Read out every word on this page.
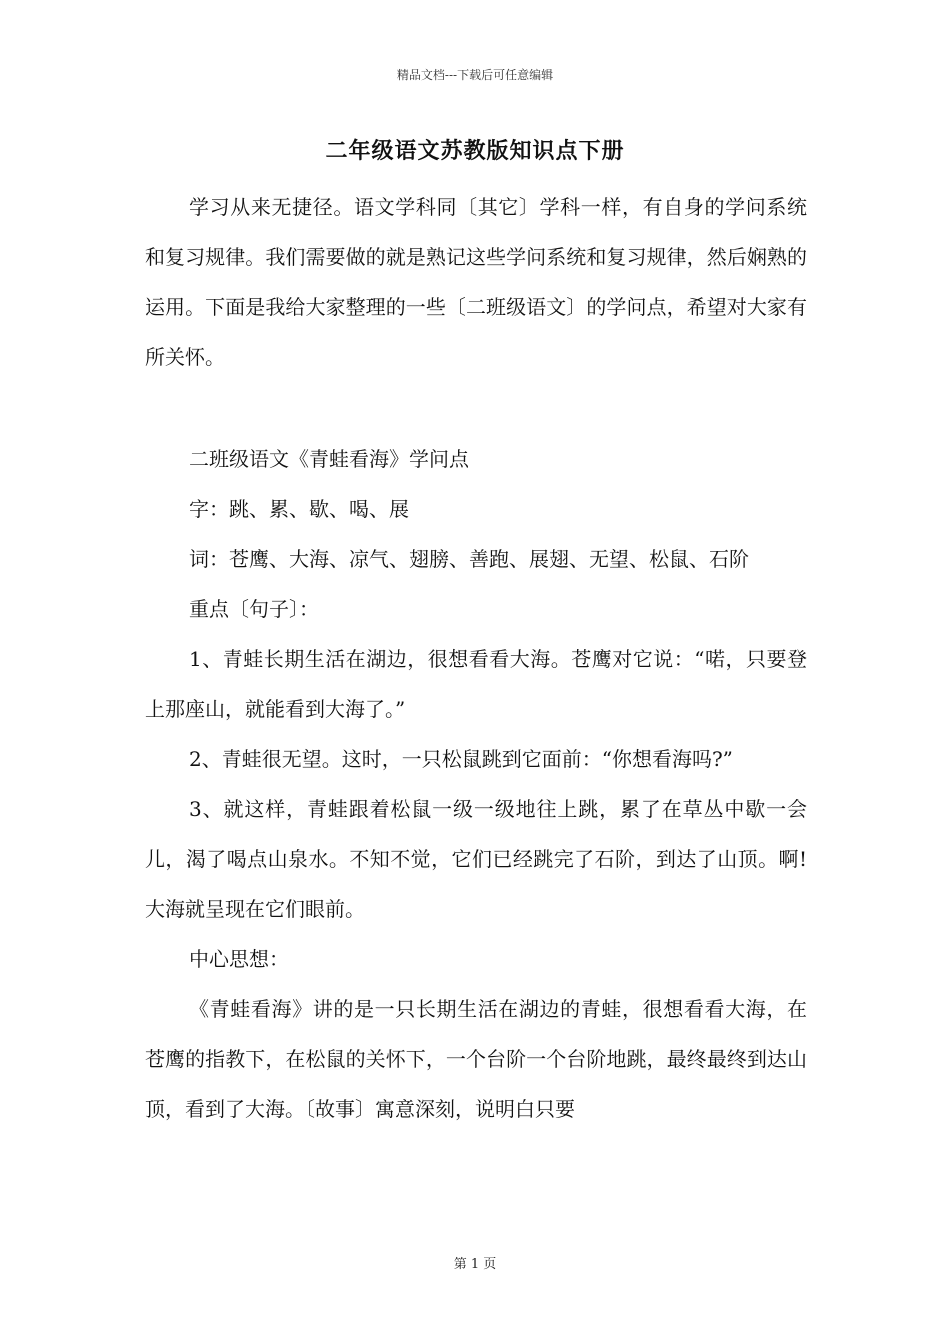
精品文档---下载后可任意编辑
二年级语文苏教版知识点下册

学习从来无捷径。语文学科同〔其它〕学科一样，有自身的学问系统和复习规律。我们需要做的就是熟记这些学问系统和复习规律，然后娴熟的运用。下面是我给大家整理的一些〔二班级语文〕的学问点，希望对大家有所关怀。

二班级语文《青蛙看海》学问点

字：跳、累、歇、喝、展

词：苍鹰、大海、凉气、翅膀、善跑、展翅、无望、松鼠、石阶

重点〔句子〕：

1、青蛙长期生活在湖边，很想看看大海。苍鹰对它说：“喏，只要登上那座山，就能看到大海了。”

2、青蛙很无望。这时，一只松鼠跳到它面前：“你想看海吗?”

3、就这样，青蛙跟着松鼠一级一级地往上跳，累了在草丛中歇一会儿，渴了喝点山泉水。不知不觉，它们已经跳完了石阶，到达了山顶。啊!大海就呈现在它们眼前。

中心思想：

《青蛙看海》讲的是一只长期生活在湖边的青蛙，很想看看大海，在苍鹰的指教下，在松鼠的关怀下，一个台阶一个台阶地跳，最终最终到达山顶，看到了大海。〔故事〕寓意深刻，说明白只要

第 1 页
